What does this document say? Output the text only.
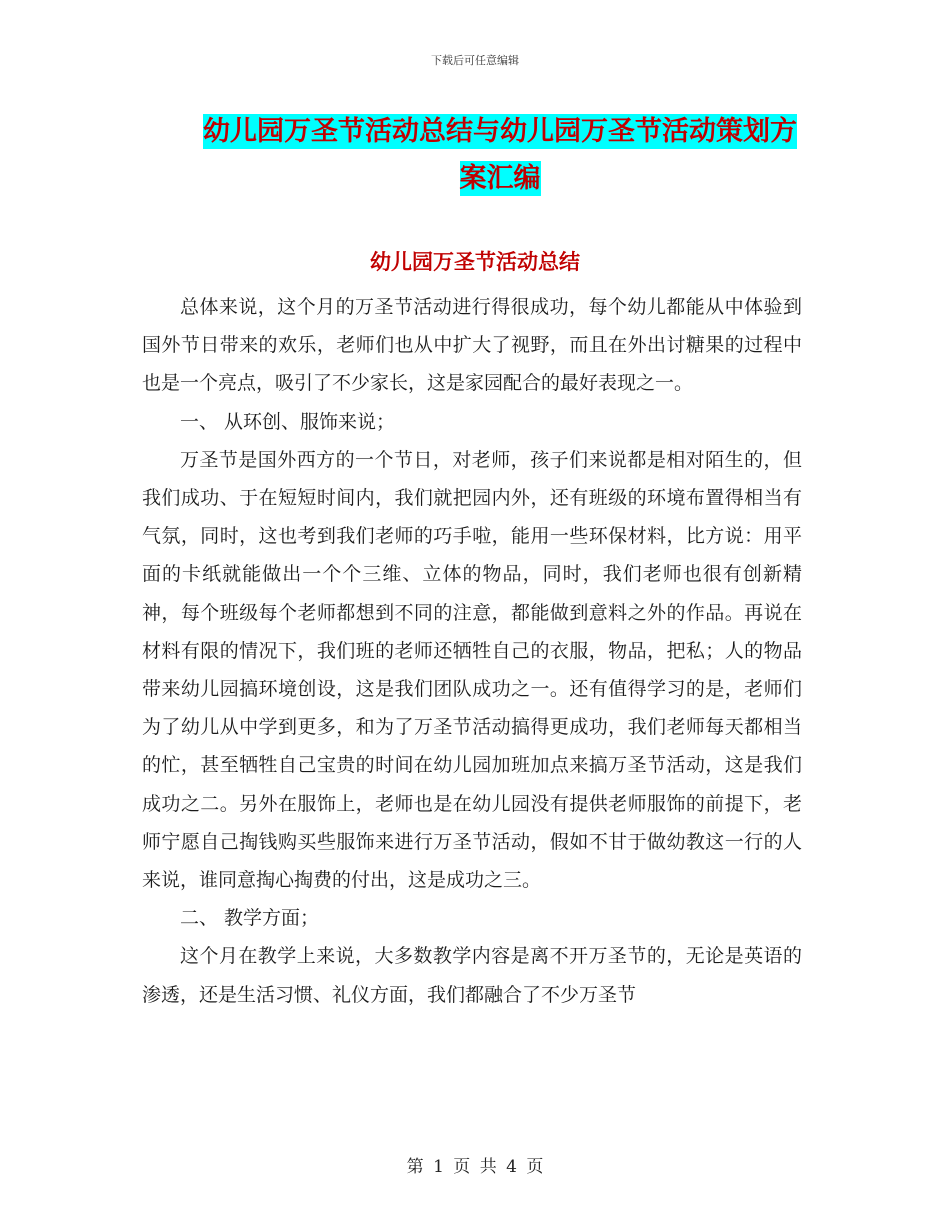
下载后可任意编辑
幼儿园万圣节活动总结与幼儿园万圣节活动策划方案汇编
幼儿园万圣节活动总结

总体来说，这个月的万圣节活动进行得很成功，每个幼儿都能从中体验到国外节日带来的欢乐，老师们也从中扩大了视野，而且在外出讨糖果的过程中也是一个亮点，吸引了不少家长，这是家园配合的最好表现之一。

一、 从环创、服饰来说；

万圣节是国外西方的一个节日，对老师，孩子们来说都是相对陌生的，但我们成功、于在短短时间内，我们就把园内外，还有班级的环境布置得相当有气氛，同时，这也考到我们老师的巧手啦，能用一些环保材料，比方说：用平面的卡纸就能做出一个个三维、立体的物品，同时，我们老师也很有创新精神，每个班级每个老师都想到不同的注意，都能做到意料之外的作品。再说在材料有限的情况下，我们班的老师还牺牲自己的衣服，物品，把私；人的物品带来幼儿园搞环境创设，这是我们团队成功之一。还有值得学习的是，老师们为了幼儿从中学到更多，和为了万圣节活动搞得更成功，我们老师每天都相当的忙，甚至牺牲自己宝贵的时间在幼儿园加班加点来搞万圣节活动，这是我们成功之二。另外在服饰上，老师也是在幼儿园没有提供老师服饰的前提下，老师宁愿自己掏钱购买些服饰来进行万圣节活动，假如不甘于做幼教这一行的人来说，谁同意掏心掏费的付出，这是成功之三。

二、 教学方面；

这个月在教学上来说，大多数教学内容是离不开万圣节的，无论是英语的渗透，还是生活习惯、礼仪方面，我们都融合了不少万圣节

第 1 页 共 4 页
